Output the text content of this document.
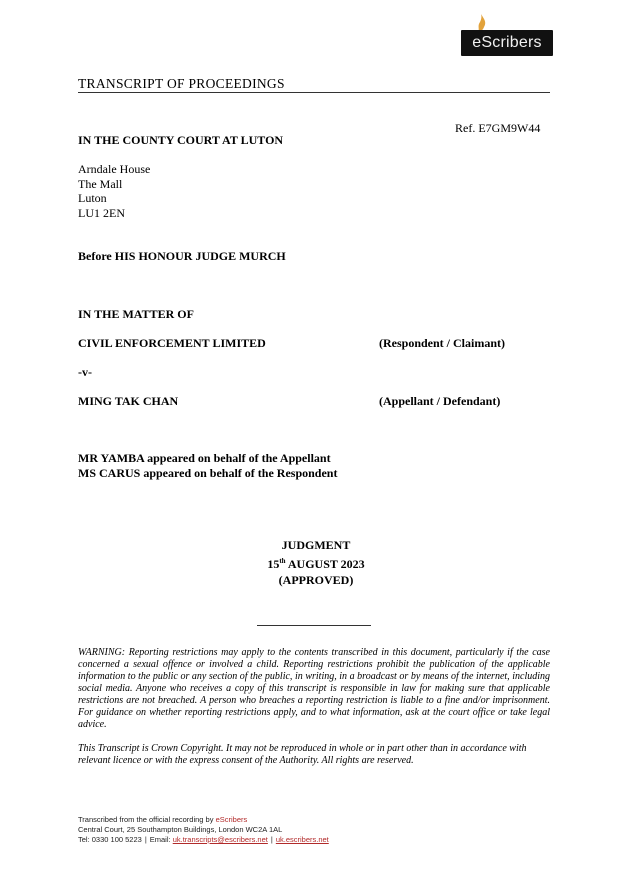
eScribers
TRANSCRIPT OF PROCEEDINGS
Ref. E7GM9W44
IN THE COUNTY COURT AT LUTON
Arndale House
The Mall
Luton
LU1 2EN
Before HIS HONOUR JUDGE MURCH
IN THE MATTER OF
CIVIL ENFORCEMENT LIMITED	(Respondent / Claimant)
-v-
MING TAK CHAN	(Appellant / Defendant)
MR YAMBA appeared on behalf of the Appellant
MS CARUS appeared on behalf of the Respondent
JUDGMENT
15th AUGUST 2023
(APPROVED)
WARNING: Reporting restrictions may apply to the contents transcribed in this document, particularly if the case concerned a sexual offence or involved a child. Reporting restrictions prohibit the publication of the applicable information to the public or any section of the public, in writing, in a broadcast or by means of the internet, including social media. Anyone who receives a copy of this transcript is responsible in law for making sure that applicable restrictions are not breached. A person who breaches a reporting restriction is liable to a fine and/or imprisonment. For guidance on whether reporting restrictions apply, and to what information, ask at the court office or take legal advice.
This Transcript is Crown Copyright. It may not be reproduced in whole or in part other than in accordance with relevant licence or with the express consent of the Authority. All rights are reserved.
Transcribed from the official recording by eScribers
Central Court, 25 Southampton Buildings, London WC2A 1AL
Tel: 0330 100 5223 | Email: uk.transcripts@escribers.net | uk.escribers.net
